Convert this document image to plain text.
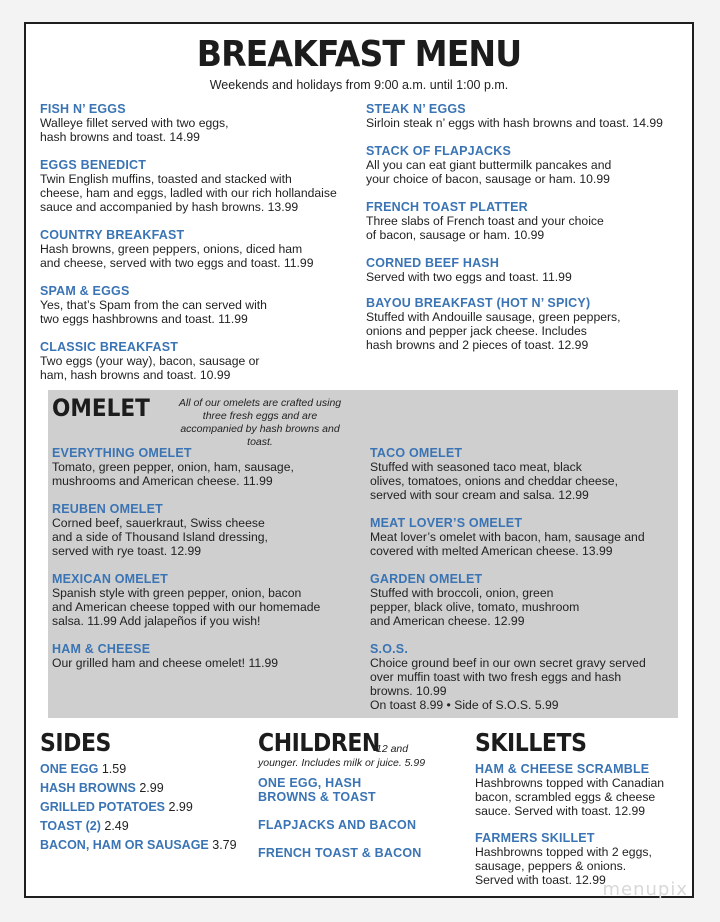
BREAKFAST MENU
Weekends and holidays from 9:00 a.m. until 1:00 p.m.
FISH N’ EGGS
Walleye fillet served with two eggs,
hash browns and toast. 14.99
EGGS BENEDICT
Twin English muffins, toasted and stacked with
cheese, ham and eggs, ladled with our rich hollandaise
sauce and accompanied by hash browns. 13.99
COUNTRY BREAKFAST
Hash browns, green peppers, onions, diced ham
and cheese, served with two eggs and toast. 11.99
SPAM & EGGS
Yes, that’s Spam from the can served with
two eggs hashbrowns and toast. 11.99
CLASSIC BREAKFAST
Two eggs (your way), bacon, sausage or
ham, hash browns and toast. 10.99
STEAK N’ EGGS
Sirloin steak n’ eggs with hash browns and toast. 14.99
STACK OF FLAPJACKS
All you can eat giant buttermilk pancakes and
your choice of bacon, sausage or ham. 10.99
FRENCH TOAST PLATTER
Three slabs of French toast and your choice
of bacon, sausage or ham. 10.99
CORNED BEEF HASH
Served with two eggs and toast. 11.99
BAYOU BREAKFAST (HOT N’ SPICY)
Stuffed with Andouille sausage, green peppers,
onions and pepper jack cheese. Includes
hash browns and 2 pieces of toast. 12.99
OMELET	All of our omelets are crafted using three fresh eggs and are accompanied by hash browns and toast.
EVERYTHING OMELET
Tomato, green pepper, onion, ham, sausage,
mushrooms and American cheese. 11.99
REUBEN OMELET
Corned beef, sauerkraut, Swiss cheese
and a side of Thousand Island dressing,
served with rye toast. 12.99
MEXICAN OMELET
Spanish style with green pepper, onion, bacon
and American cheese topped with our homemade
salsa. 11.99 Add jalapeños if you wish!
HAM & CHEESE
Our grilled ham and cheese omelet! 11.99
TACO OMELET
Stuffed with seasoned taco meat, black
olives, tomatoes, onions and cheddar cheese,
served with sour cream and salsa. 12.99
MEAT LOVER’S OMELET
Meat lover’s omelet with bacon, ham, sausage and
covered with melted American cheese. 13.99
GARDEN OMELET
Stuffed with broccoli, onion, green
pepper, black olive, tomato, mushroom
and American cheese. 12.99
S.O.S.
Choice ground beef in our own secret gravy served
over muffin toast with two fresh eggs and hash
browns. 10.99
On toast 8.99 • Side of S.O.S. 5.99
SIDES
ONE EGG 1.59
HASH BROWNS 2.99
GRILLED POTATOES 2.99
TOAST (2) 2.49
BACON, HAM OR SAUSAGE 3.79
CHILDREN
12 and
younger. Includes milk or juice. 5.99
ONE EGG, HASH
BROWNS & TOAST
FLAPJACKS AND BACON
FRENCH TOAST & BACON
SKILLETS
HAM & CHEESE SCRAMBLE
Hashbrowns topped with Canadian
bacon, scrambled eggs & cheese
sauce. Served with toast. 12.99
FARMERS SKILLET
Hashbrowns topped with 2 eggs,
sausage, peppers & onions.
Served with toast. 12.99
menupix
